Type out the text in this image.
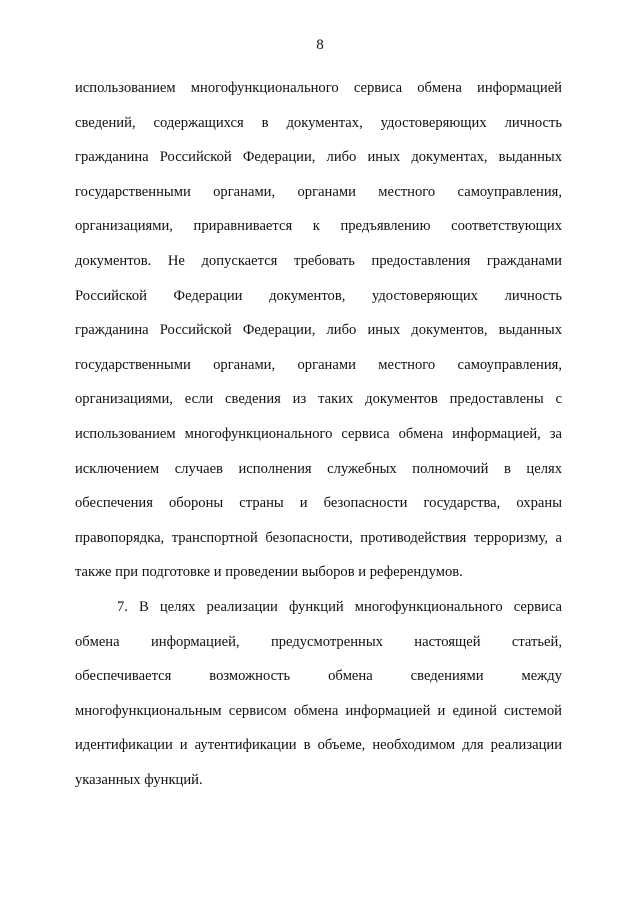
8
использованием многофункционального сервиса обмена информацией
сведений, содержащихся в документах, удостоверяющих личность
гражданина Российской Федерации, либо иных документах, выданных
государственными органами, органами местного самоуправления,
организациями, приравнивается к предъявлению соответствующих
документов. Не допускается требовать предоставления гражданами
Российской Федерации документов, удостоверяющих личность
гражданина Российской Федерации, либо иных документов, выданных
государственными органами, органами местного самоуправления,
организациями, если сведения из таких документов предоставлены с
использованием многофункционального сервиса обмена информацией, за
исключением случаев исполнения служебных полномочий в целях
обеспечения обороны страны и безопасности государства, охраны
правопорядка, транспортной безопасности, противодействия терроризму, а
также при подготовке и проведении выборов и референдумов.
7. В целях реализации функций многофункционального сервиса
обмена информацией, предусмотренных настоящей статьей,
обеспечивается возможность обмена сведениями между
многофункциональным сервисом обмена информацией и единой системой
идентификации и аутентификации в объеме, необходимом для реализации
указанных функций.
